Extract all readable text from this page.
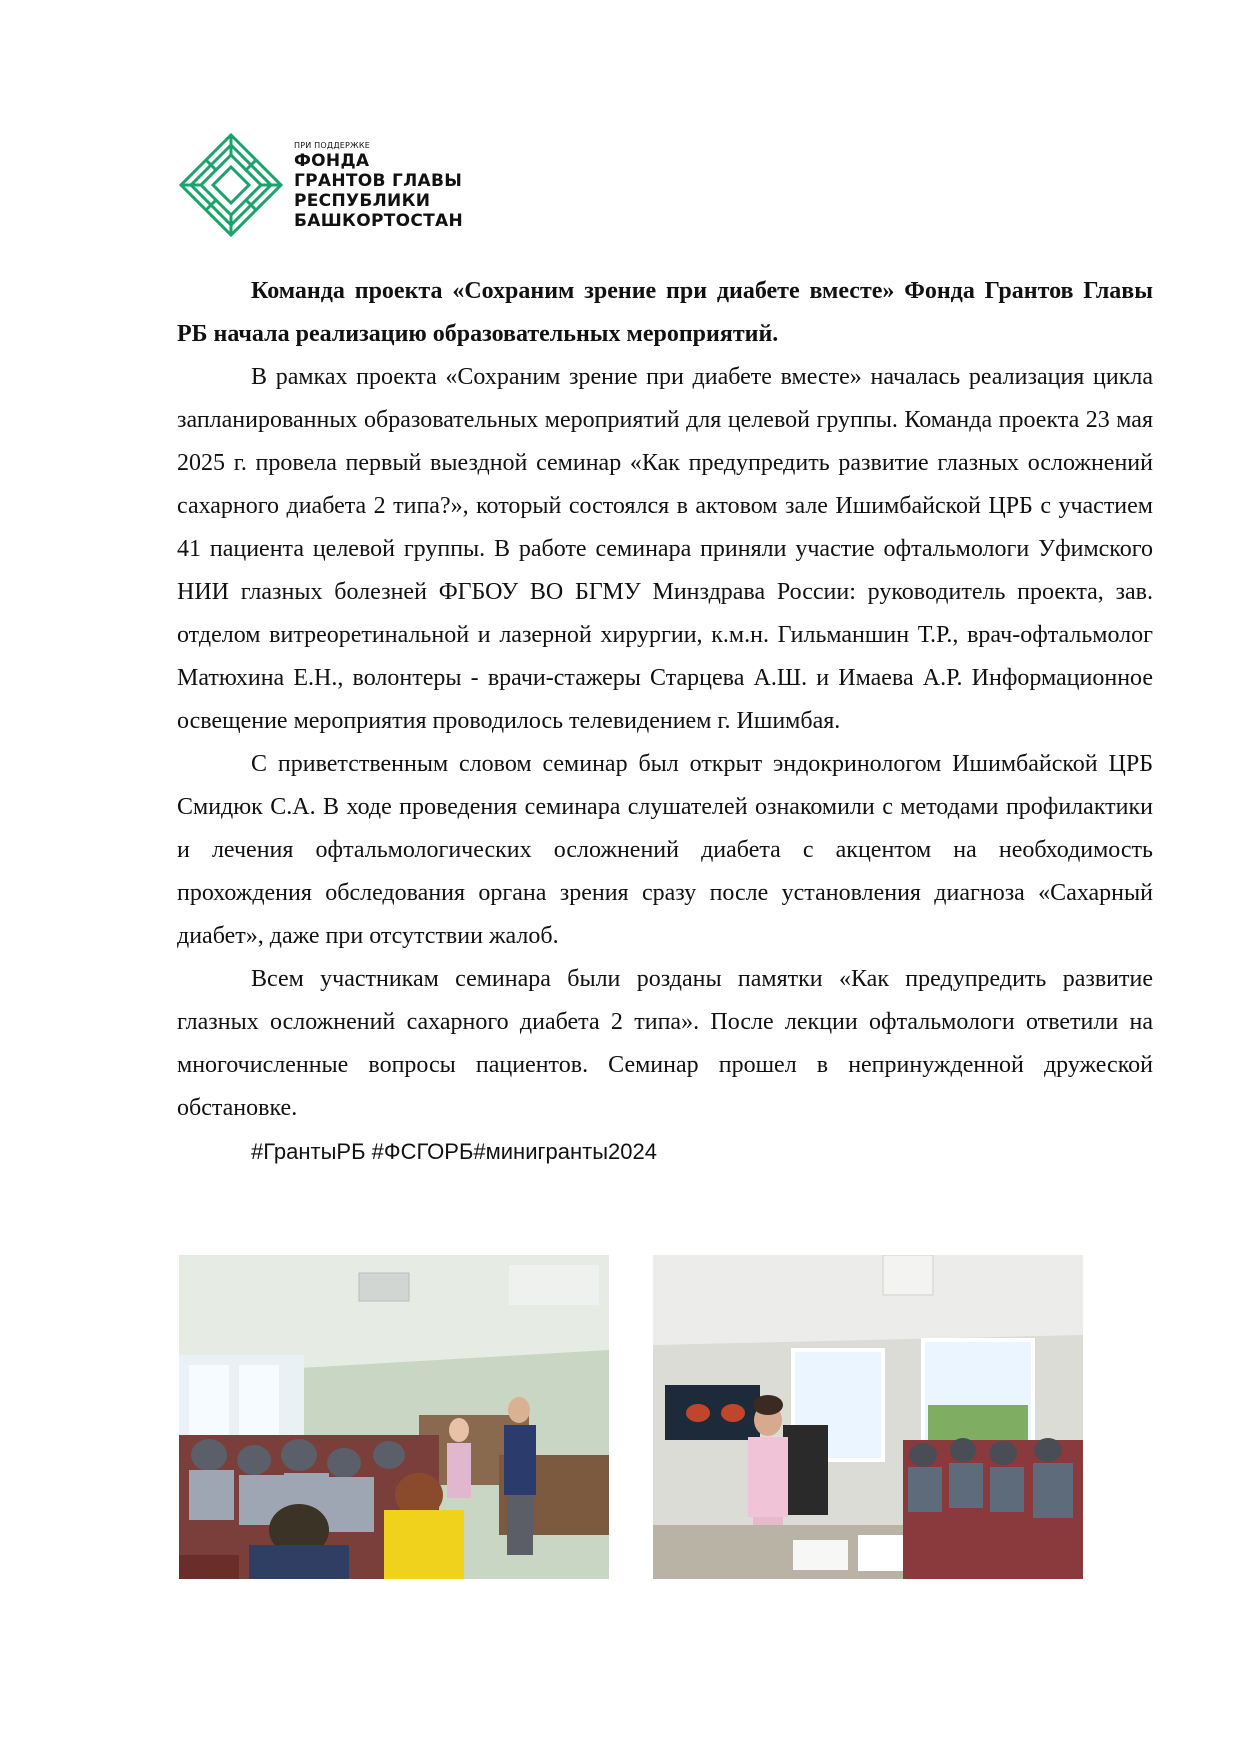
ПРИ ПОДДЕРЖКЕ
ФОНДА
ГРАНТОВ ГЛАВЫ
РЕСПУБЛИКИ
БАШКОРТОСТАН

Команда проекта «Сохраним зрение при диабете вместе» Фонда Грантов Главы РБ начала реализацию образовательных мероприятий.

В рамках проекта «Сохраним зрение при диабете вместе» началась реализация цикла запланированных образовательных мероприятий для целевой группы. Команда проекта 23 мая 2025 г. провела первый выездной семинар «Как предупредить развитие глазных осложнений сахарного диабета 2 типа?», который состоялся в актовом зале Ишимбайской ЦРБ с участием 41 пациента целевой группы. В работе семинара приняли участие офтальмологи Уфимского НИИ глазных болезней ФГБОУ ВО БГМУ Минздрава России: руководитель проекта, зав. отделом витреоретинальной и лазерной хирургии, к.м.н. Гильманшин Т.Р., врач-офтальмолог Матюхина Е.Н., волонтеры - врачи-стажеры Старцева А.Ш. и Имаева А.Р. Информационное освещение мероприятия проводилось телевидением г. Ишимбая.

С приветственным словом семинар был открыт эндокринологом Ишимбайской ЦРБ Смидюк С.А. В ходе проведения семинара слушателей ознакомили с методами профилактики и лечения офтальмологических осложнений диабета с акцентом на необходимость прохождения обследования органа зрения сразу после установления диагноза «Сахарный диабет», даже при отсутствии жалоб.

Всем участникам семинара были розданы памятки «Как предупредить развитие глазных осложнений сахарного диабета 2 типа». После лекции офтальмологи ответили на многочисленные вопросы пациентов. Семинар прошел в непринужденной дружеской обстановке.

#ГрантыРБ #ФСГОРБ#минигранты2024
